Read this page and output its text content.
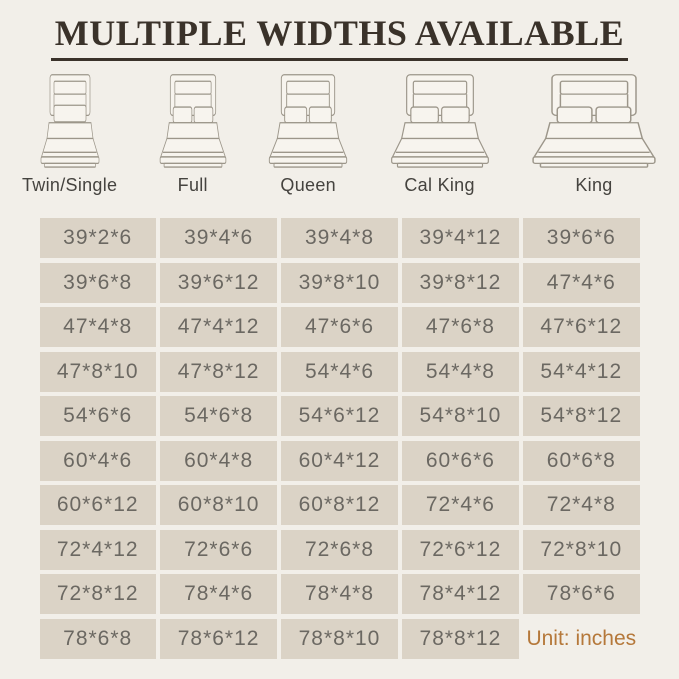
MULTIPLE WIDTHS AVAILABLE
Twin/Single	Full	Queen	Cal King	King
39*2*6	39*4*6	39*4*8	39*4*12	39*6*6
39*6*8	39*6*12	39*8*10	39*8*12	47*4*6
47*4*8	47*4*12	47*6*6	47*6*8	47*6*12
47*8*10	47*8*12	54*4*6	54*4*8	54*4*12
54*6*6	54*6*8	54*6*12	54*8*10	54*8*12
60*4*6	60*4*8	60*4*12	60*6*6	60*6*8
60*6*12	60*8*10	60*8*12	72*4*6	72*4*8
72*4*12	72*6*6	72*6*8	72*6*12	72*8*10
72*8*12	78*4*6	78*4*8	78*4*12	78*6*6
78*6*8	78*6*12	78*8*10	78*8*12	Unit: inches
